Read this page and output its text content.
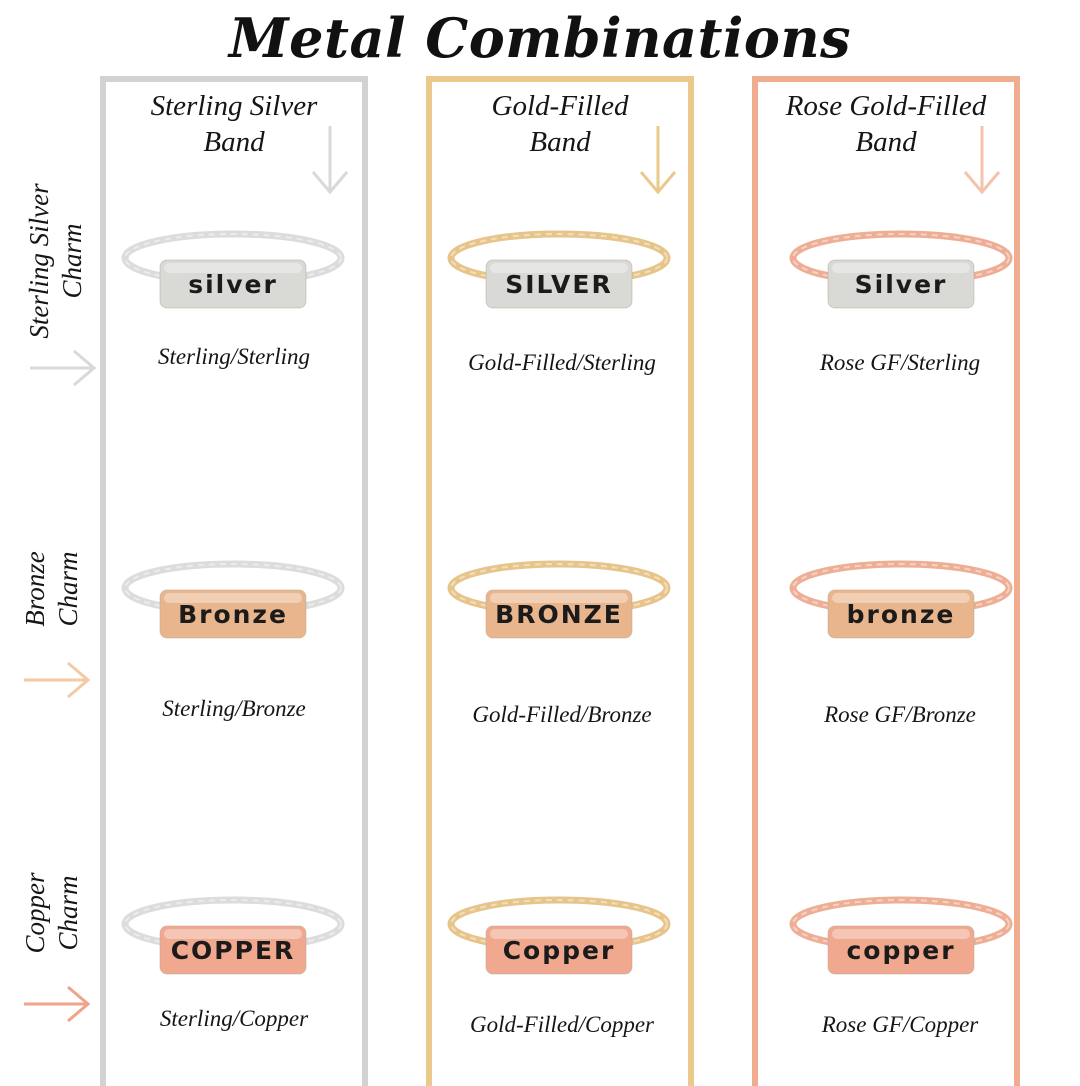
Metal Combinations
Sterling Silver
Band
Gold-Filled
Band
Rose Gold-Filled
Band
Sterling Silver
Charm
Bronze
Charm
Copper
Charm
silver
Sterling/Sterling
SILVER
Gold-Filled/Sterling
Silver
Rose GF/Sterling
Bronze
Sterling/Bronze
BRONZE
Gold-Filled/Bronze
bronze
Rose GF/Bronze
COPPER
Sterling/Copper
Copper
Gold-Filled/Copper
copper
Rose GF/Copper
